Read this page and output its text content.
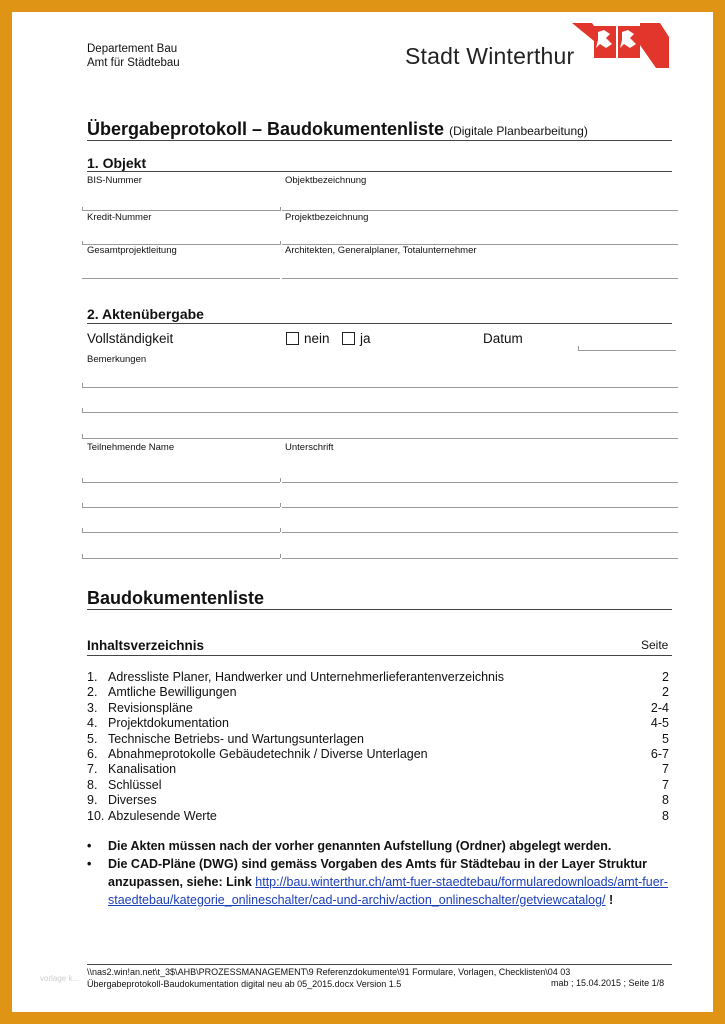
Departement Bau
Amt für Städtebau	Stadt Winterthur
Übergabeprotokoll – Baudokumentenliste (Digitale Planbearbeitung)
1. Objekt
BIS-Nummer	Objektbezeichnung
Kredit-Nummer	Projektbezeichnung
Gesamtprojektleitung	Architekten, Generalplaner, Totalunternehmer
2. Aktenübergabe
Vollständigkeit	nein ja	Datum
Bemerkungen
Teilnehmende Name	Unterschrift
Baudokumentenliste
Inhaltsverzeichnis	Seite
1. Adressliste Planer, Handwerker und Unternehmerlieferantenverzeichnis	2
2. Amtliche Bewilligungen	2
3. Revisionspläne	2-4
4. Projektdokumentation	4-5
5. Technische Betriebs- und Wartungsunterlagen	5
6. Abnahmeprotokolle Gebäudetechnik / Diverse Unterlagen	6-7
7. Kanalisation	7
8. Schlüssel	7
9. Diverses	8
10. Abzulesende Werte	8
• Die Akten müssen nach der vorher genannten Aufstellung (Ordner) abgelegt werden.
• Die CAD-Pläne (DWG) sind gemäss Vorgaben des Amts für Städtebau in der Layer Struktur anzupassen, siehe: Link http://bau.winterthur.ch/amt-fuer-staedtebau/formularedownloads/amt-fuer-staedtebau/kategorie_onlineschalter/cad-und-archiv/action_onlineschalter/getviewcatalog/ !
\\nas2.win!an.net\t_3$\AHB\PROZESSMANAGEMENT\9 Referenzdokumente\91 Formulare, Vorlagen, Checklisten\04 03
Übergabeprotokoll-Baudokumentation digital neu ab 05_2015.docx Version 1.5	mab ; 15.04.2015 ; Seite 1/8
vorlage k...
